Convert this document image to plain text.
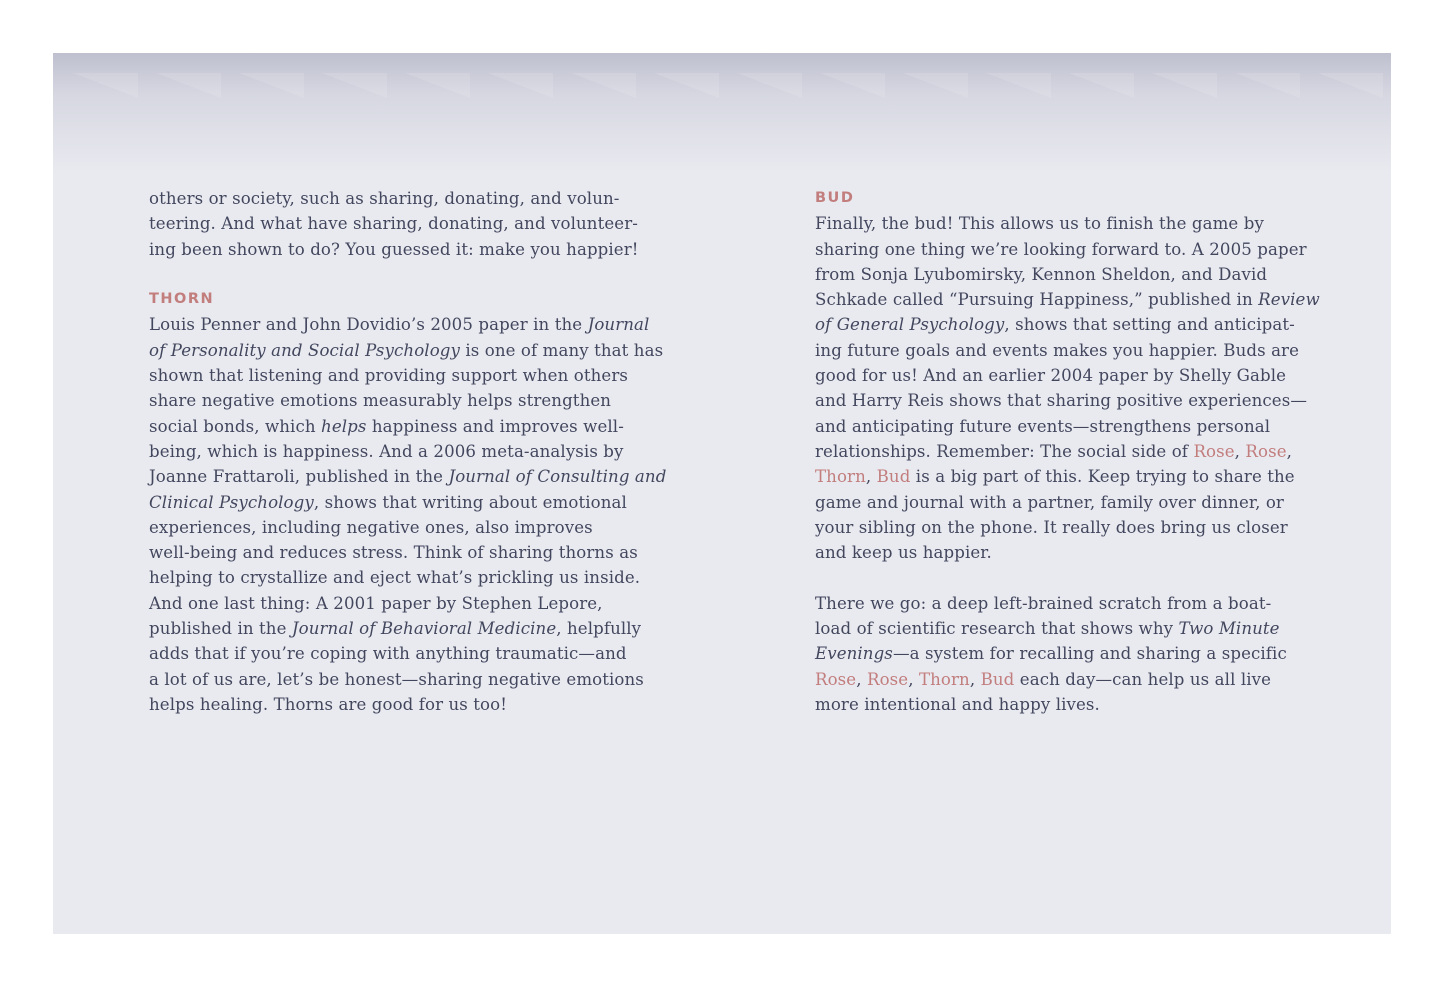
others or society, such as sharing, donating, and volun-
teering. And what have sharing, donating, and volunteer-
ing been shown to do? You guessed it: make you happier!
THORN
Louis Penner and John Dovidio’s 2005 paper in the Journal
of Personality and Social Psychology is one of many that has
shown that listening and providing support when others
share negative emotions measurably helps strengthen
social bonds, which helps happiness and improves well-
being, which is happiness. And a 2006 meta-analysis by
Joanne Frattaroli, published in the Journal of Consulting and
Clinical Psychology, shows that writing about emotional
experiences, including negative ones, also improves
well-being and reduces stress. Think of sharing thorns as
helping to crystallize and eject what’s prickling us inside.
And one last thing: A 2001 paper by Stephen Lepore,
published in the Journal of Behavioral Medicine, helpfully
adds that if you’re coping with anything traumatic—and
a lot of us are, let’s be honest—sharing negative emotions
helps healing. Thorns are good for us too!
BUD
Finally, the bud! This allows us to finish the game by
sharing one thing we’re looking forward to. A 2005 paper
from Sonja Lyubomirsky, Kennon Sheldon, and David
Schkade called “Pursuing Happiness,” published in Review
of General Psychology, shows that setting and anticipat-
ing future goals and events makes you happier. Buds are
good for us! And an earlier 2004 paper by Shelly Gable
and Harry Reis shows that sharing positive experiences—
and anticipating future events—strengthens personal
relationships. Remember: The social side of Rose, Rose,
Thorn, Bud is a big part of this. Keep trying to share the
game and journal with a partner, family over dinner, or
your sibling on the phone. It really does bring us closer
and keep us happier.
There we go: a deep left-brained scratch from a boat-
load of scientific research that shows why Two Minute
Evenings—a system for recalling and sharing a specific
Rose, Rose, Thorn, Bud each day—can help us all live
more intentional and happy lives.
